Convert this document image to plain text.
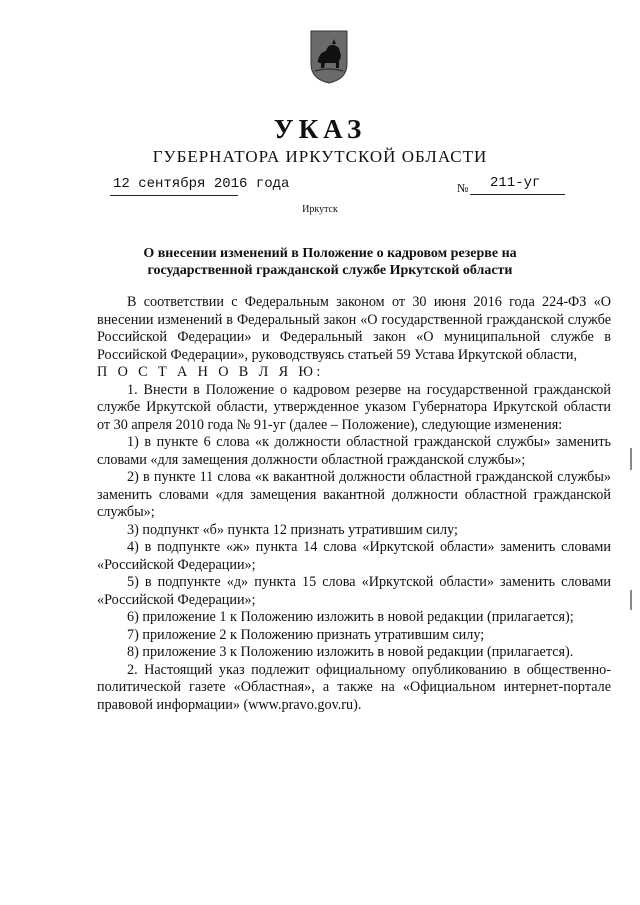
УКАЗ
ГУБЕРНАТОРА ИРКУТСКОЙ ОБЛАСТИ
12 сентября 2016 года	№ 211-уг
Иркутск
О внесении изменений в Положение о кадровом резерве на государственной гражданской службе Иркутской области

В соответствии с Федеральным законом от 30 июня 2016 года 224-ФЗ «О внесении изменений в Федеральный закон «О государственной гражданской службе Российской Федерации» и Федеральный закон «О муниципальной службе в Российской Федерации», руководствуясь статьей 59 Устава Иркутской области,

П О С Т А Н О В Л Я Ю:

1. Внести в Положение о кадровом резерве на государственной гражданской службе Иркутской области, утвержденное указом Губернатора Иркутской области от 30 апреля 2010 года № 91-уг (далее – Положение), следующие изменения:

1) в пункте 6 слова «к должности областной гражданской службы» заменить словами «для замещения должности областной гражданской службы»;

2) в пункте 11 слова «к вакантной должности областной гражданской службы» заменить словами «для замещения вакантной должности областной гражданской службы»;

3) подпункт «б» пункта 12 признать утратившим силу;

4) в подпункте «ж» пункта 14 слова «Иркутской области» заменить словами «Российской Федерации»;

5) в подпункте «д» пункта 15 слова «Иркутской области» заменить словами «Российской Федерации»;

6) приложение 1 к Положению изложить в новой редакции (прилагается);

7) приложение 2 к Положению признать утратившим силу;

8) приложение 3 к Положению изложить в новой редакции (прилагается).

2. Настоящий указ подлежит официальному опубликованию в общественно-политической газете «Областная», а также на «Официальном интернет-портале правовой информации» (www.pravo.gov.ru).
